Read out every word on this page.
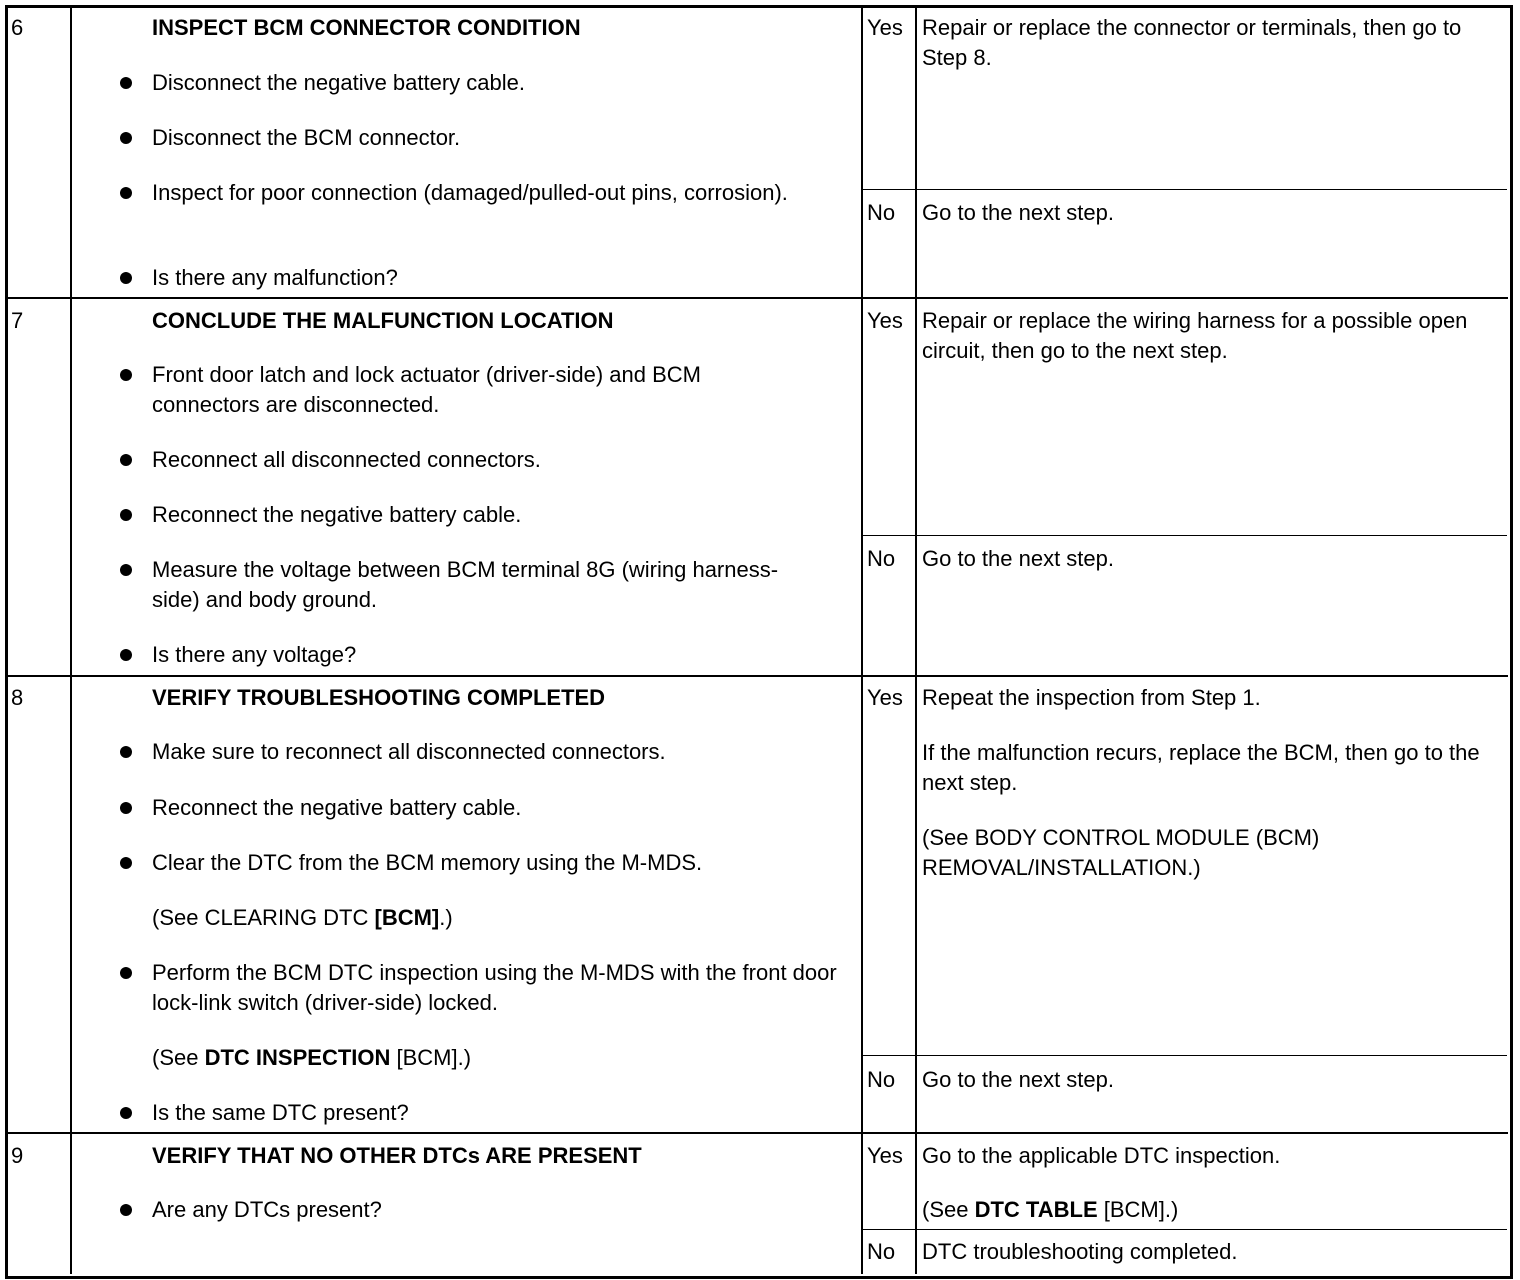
6	INSPECT BCM CONNECTOR CONDITION
Disconnect the negative battery cable.
Disconnect the BCM connector.
Inspect for poor connection (damaged/pulled-out pins, corrosion).
Is there any malfunction?
Yes Repair or replace the connector or terminals, then go to Step 8.
No Go to the next step.
7	CONCLUDE THE MALFUNCTION LOCATION
Front door latch and lock actuator (driver-side) and BCM connectors are disconnected.
Reconnect all disconnected connectors.
Reconnect the negative battery cable.
Measure the voltage between BCM terminal 8G (wiring harness-side) and body ground.
Is there any voltage?
Yes Repair or replace the wiring harness for a possible open circuit, then go to the next step.
No Go to the next step.
8	VERIFY TROUBLESHOOTING COMPLETED
Make sure to reconnect all disconnected connectors.
Reconnect the negative battery cable.
Clear the DTC from the BCM memory using the M-MDS.
(See CLEARING DTC [BCM].)
Perform the BCM DTC inspection using the M-MDS with the front door lock-link switch (driver-side) locked.
(See DTC INSPECTION [BCM].)
Is the same DTC present?
Yes Repeat the inspection from Step 1.
If the malfunction recurs, replace the BCM, then go to the next step.
(See BODY CONTROL MODULE (BCM) REMOVAL/INSTALLATION.)
No Go to the next step.
9	VERIFY THAT NO OTHER DTCs ARE PRESENT
Are any DTCs present?
Yes Go to the applicable DTC inspection.
(See DTC TABLE [BCM].)
No DTC troubleshooting completed.
